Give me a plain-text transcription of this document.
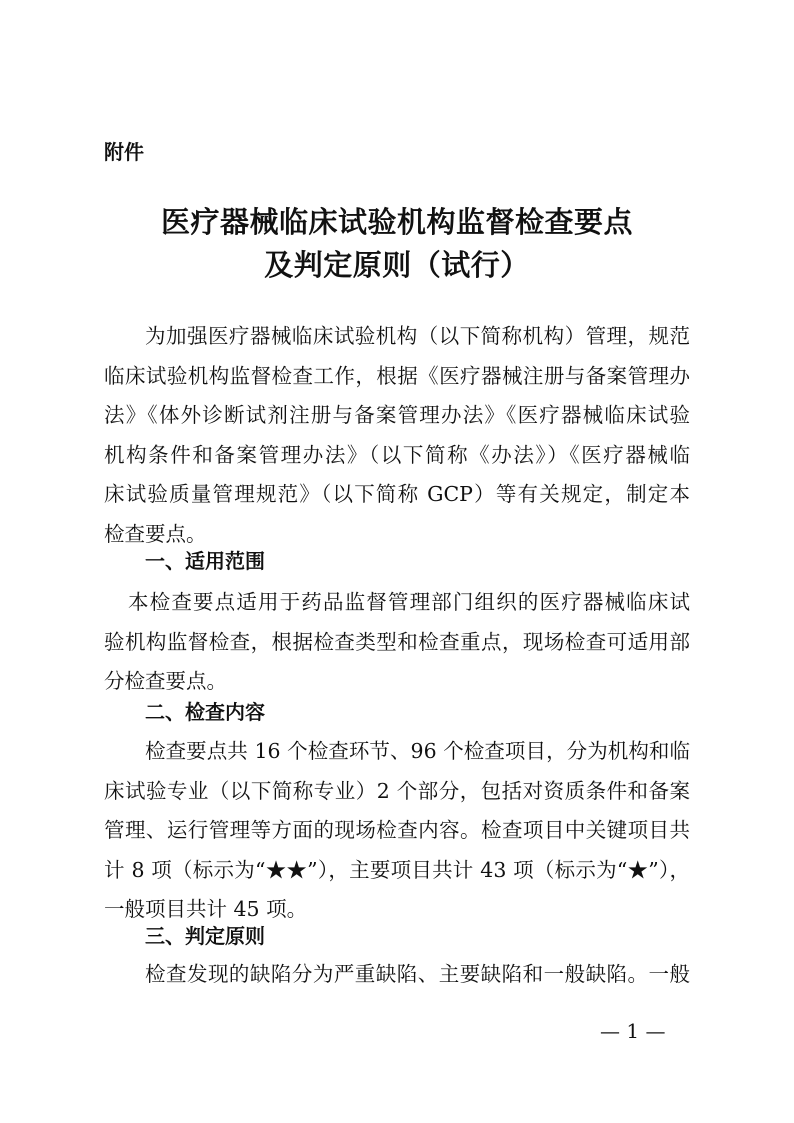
附件
医疗器械临床试验机构监督检查要点
及判定原则（试行）
为加强医疗器械临床试验机构（以下简称机构）管理，规范
临床试验机构监督检查工作，根据《医疗器械注册与备案管理办
法》《体外诊断试剂注册与备案管理办法》《医疗器械临床试验
机构条件和备案管理办法》（以下简称《办法》）《医疗器械临
床试验质量管理规范》（以下简称 GCP）等有关规定，制定本
检查要点。
一、适用范围
本检查要点适用于药品监督管理部门组织的医疗器械临床试
验机构监督检查，根据检查类型和检查重点，现场检查可适用部
分检查要点。
二、检查内容
检查要点共 16 个检查环节、96 个检查项目，分为机构和临
床试验专业（以下简称专业）2 个部分，包括对资质条件和备案
管理、运行管理等方面的现场检查内容。检查项目中关键项目共
计 8 项（标示为“★★”），主要项目共计 43 项（标示为“★”），
一般项目共计 45 项。
三、判定原则
检查发现的缺陷分为严重缺陷、主要缺陷和一般缺陷。一般
— 1 —
